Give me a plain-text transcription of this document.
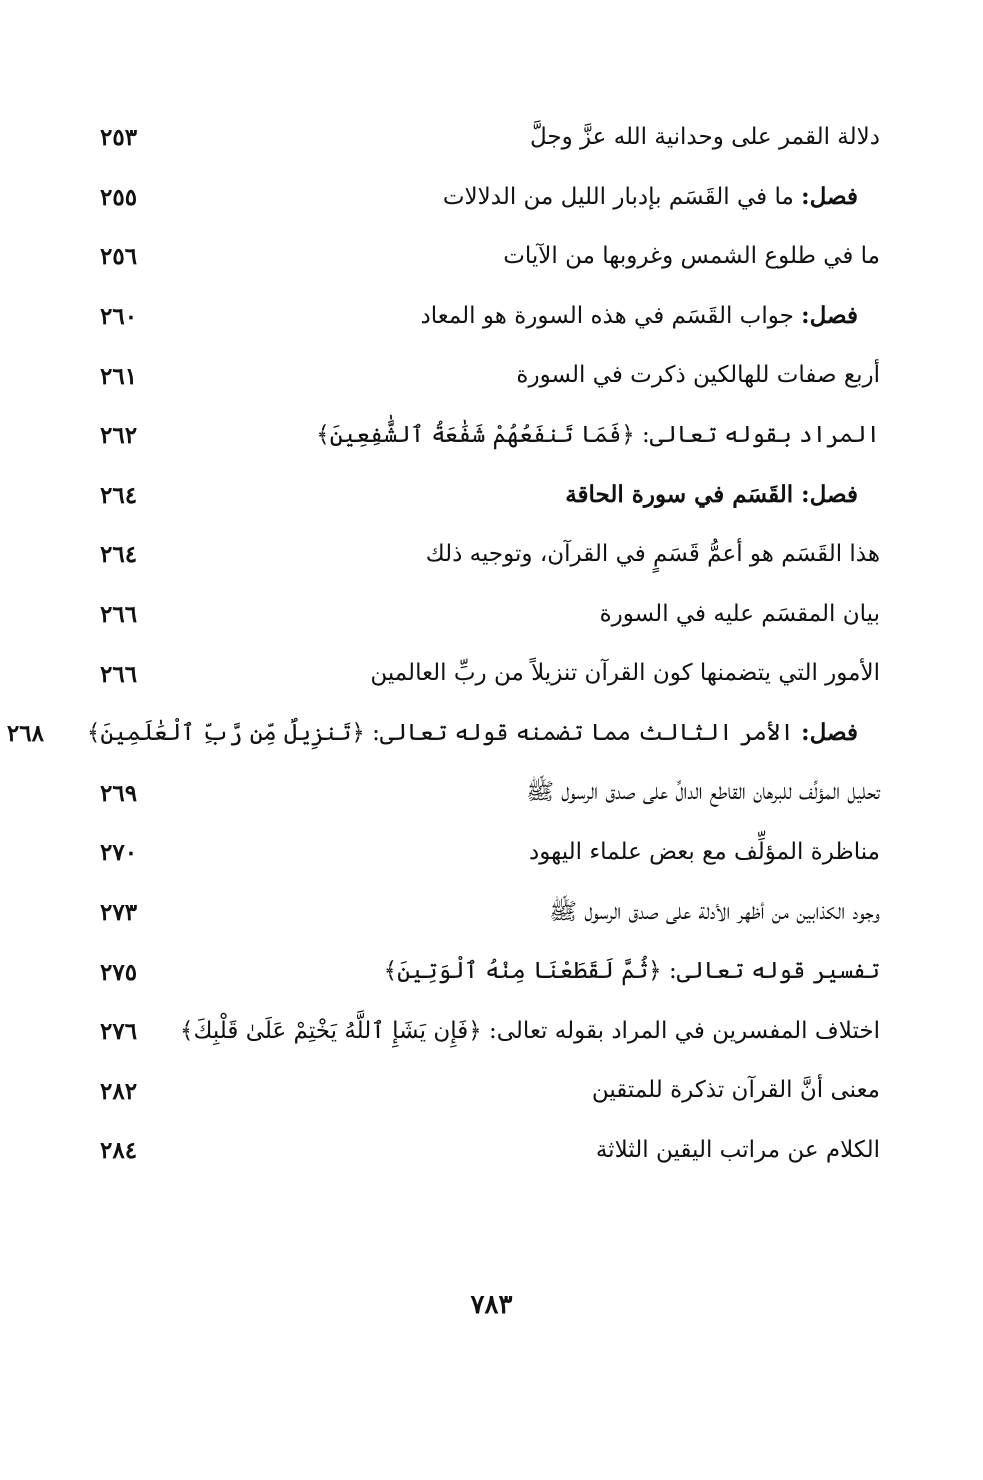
دلالة القمر على وحدانية الله عزَّ وجلَّ
٢٥٣
فصل: ما في القَسَم بإدبار الليل من الدلالات
٢٥٥
ما في طلوع الشمس وغروبها من الآيات
٢٥٦
فصل: جواب القَسَم في هذه السورة هو المعاد
٢٦٠
أربع صفات للهالكين ذكرت في السورة
٢٦١
المراد بقوله تعالى: ﴿فَمَا تَنفَعُهُمْ شَفَٰعَةُ ٱلشَّٰفِعِينَ﴾
٢٦٢
فصل: القَسَم في سورة الحاقة
٢٦٤
هذا القَسَم هو أعمُّ قَسَمٍ في القرآن، وتوجيه ذلك
٢٦٤
بيان المقسَم عليه في السورة
٢٦٦
الأمور التي يتضمنها كون القرآن تنزيلاً من ربِّ العالمين
٢٦٦
فصل: الأمر الثالث مما تضمنه قوله تعالى: ﴿تَنزِيلٌ مِّن رَّبِّ ٱلْعَٰلَمِينَ﴾
٢٦٨
تحليل المؤلِّف للبرهان القاطع الدالِّ على صدق الرسول ﷺ
٢٦٩
مناظرة المؤلِّف مع بعض علماء اليهود
٢٧٠
وجود الكذابين من أظهر الأدلة على صدق الرسول ﷺ
٢٧٣
تفسير قوله تعالى: ﴿ثُمَّ لَقَطَعْنَا مِنْهُ ٱلْوَتِينَ﴾
٢٧٥
اختلاف المفسرين في المراد بقوله تعالى: ﴿فَإِن يَشَإِ ٱللَّهُ يَخْتِمْ عَلَىٰ قَلْبِكَ﴾
٢٧٦
معنى أنَّ القرآن تذكرة للمتقين
٢٨٢
الكلام عن مراتب اليقين الثلاثة
٢٨٤
٧٨٣
